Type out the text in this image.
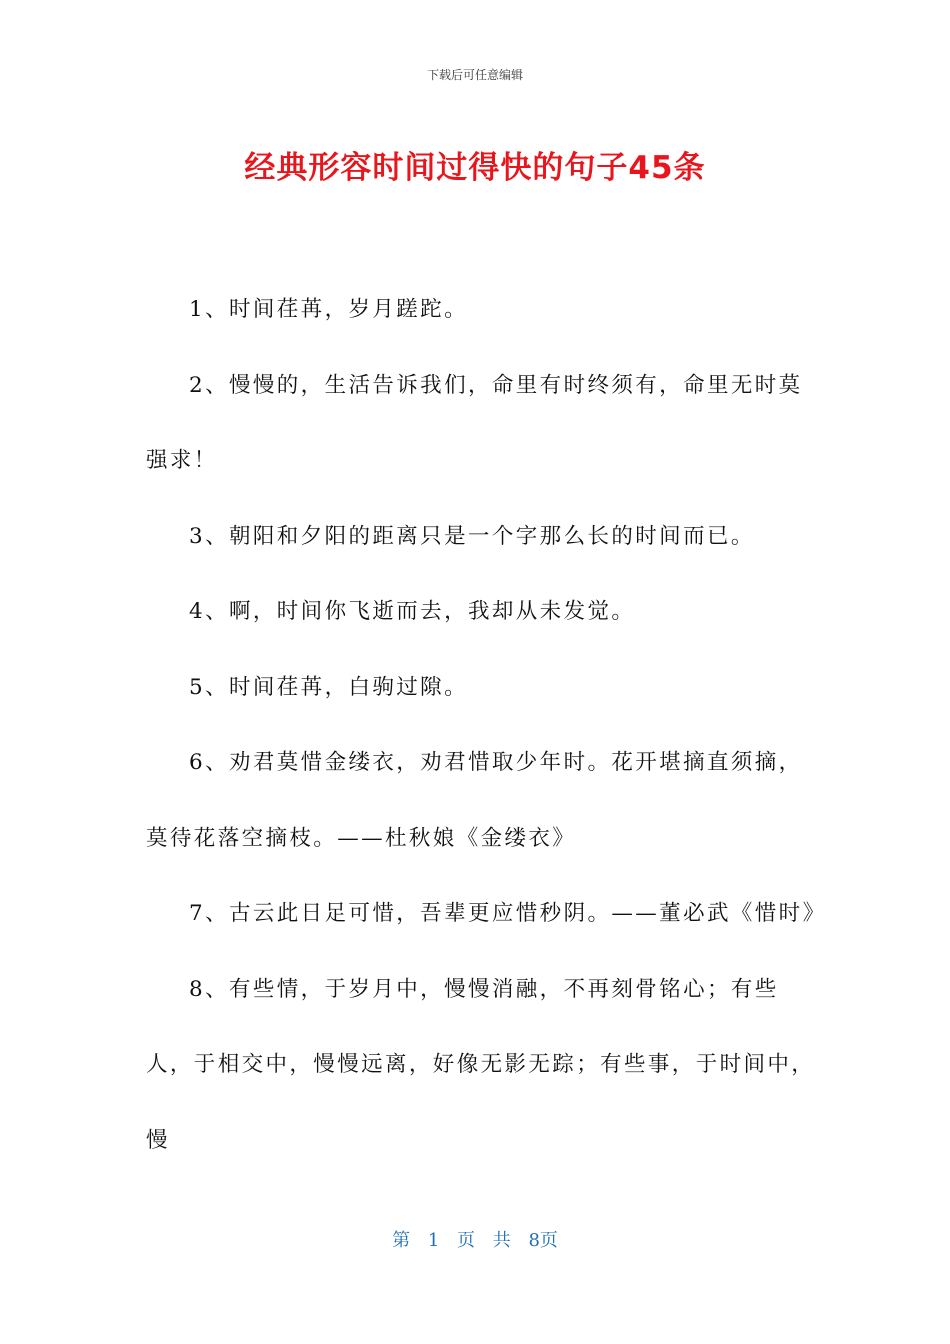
下载后可任意编辑
经典形容时间过得快的句子45条

1、时间荏苒，岁月蹉跎。

2、慢慢的，生活告诉我们，命里有时终须有，命里无时莫强求！

3、朝阳和夕阳的距离只是一个字那么长的时间而已。

4、啊，时间你飞逝而去，我却从未发觉。

5、时间荏苒，白驹过隙。

6、劝君莫惜金缕衣，劝君惜取少年时。花开堪摘直须摘，莫待花落空摘枝。——杜秋娘《金缕衣》

7、古云此日足可惜，吾辈更应惜秒阴。——董必武《惜时》

8、有些情，于岁月中，慢慢消融，不再刻骨铭心；有些人，于相交中，慢慢远离，好像无影无踪；有些事，于时间中，慢

第 1 页 共 8页
